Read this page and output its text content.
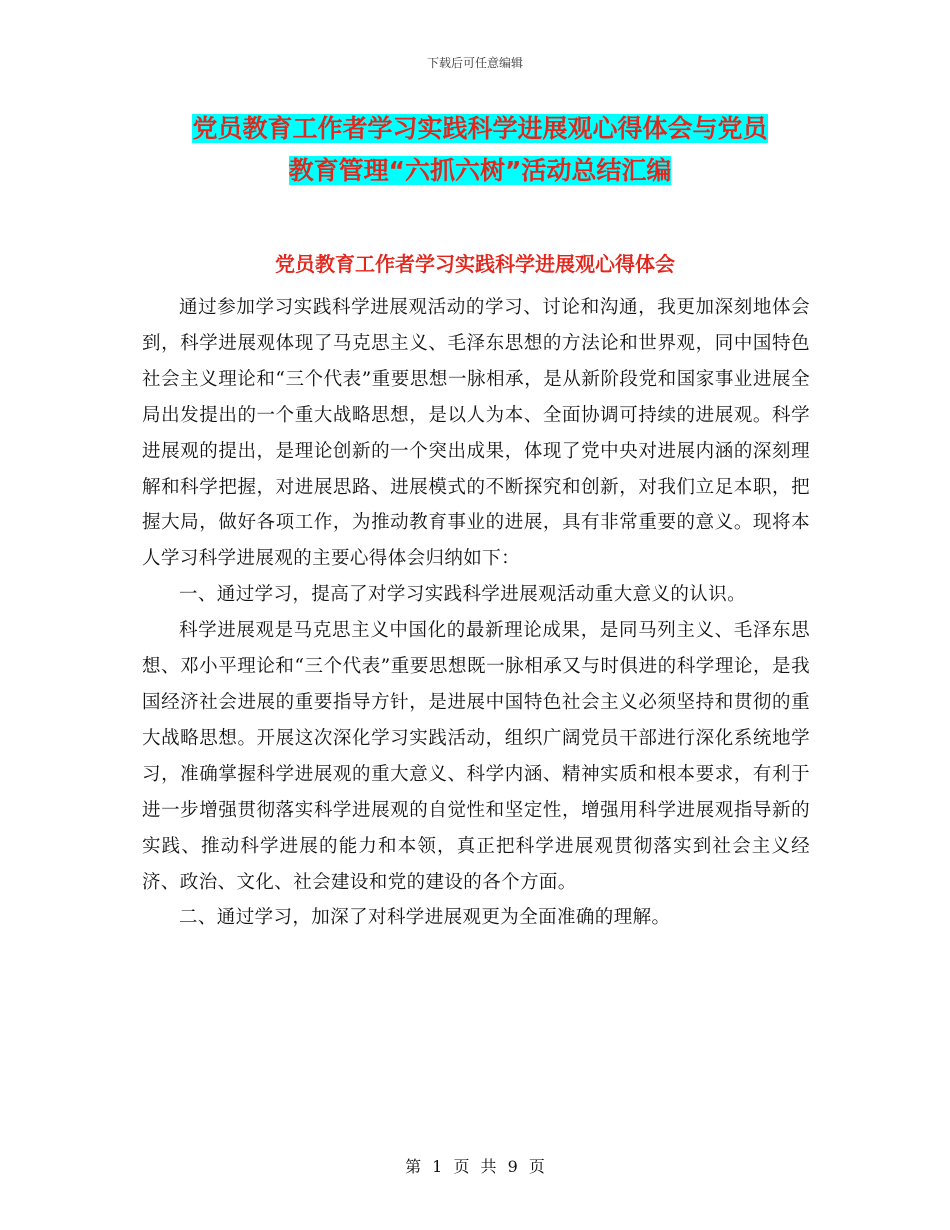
下载后可任意编辑
党员教育工作者学习实践科学进展观心得体会与党员
教育管理“六抓六树”活动总结汇编
党员教育工作者学习实践科学进展观心得体会

通过参加学习实践科学进展观活动的学习、讨论和沟通，我更加深刻地体会到，科学进展观体现了马克思主义、毛泽东思想的方法论和世界观，同中国特色社会主义理论和“三个代表”重要思想一脉相承，是从新阶段党和国家事业进展全局出发提出的一个重大战略思想，是以人为本、全面协调可持续的进展观。科学进展观的提出，是理论创新的一个突出成果，体现了党中央对进展内涵的深刻理解和科学把握，对进展思路、进展模式的不断探究和创新，对我们立足本职，把握大局，做好各项工作，为推动教育事业的进展，具有非常重要的意义。现将本人学习科学进展观的主要心得体会归纳如下：

一、通过学习，提高了对学习实践科学进展观活动重大意义的认识。

科学进展观是马克思主义中国化的最新理论成果，是同马列主义、毛泽东思想、邓小平理论和“三个代表”重要思想既一脉相承又与时俱进的科学理论，是我国经济社会进展的重要指导方针，是进展中国特色社会主义必须坚持和贯彻的重大战略思想。开展这次深化学习实践活动，组织广阔党员干部进行深化系统地学习，准确掌握科学进展观的重大意义、科学内涵、精神实质和根本要求，有利于进一步增强贯彻落实科学进展观的自觉性和坚定性，增强用科学进展观指导新的实践、推动科学进展的能力和本领，真正把科学进展观贯彻落实到社会主义经济、政治、文化、社会建设和党的建设的各个方面。

二、通过学习，加深了对科学进展观更为全面准确的理解。

第 1 页 共 9 页
